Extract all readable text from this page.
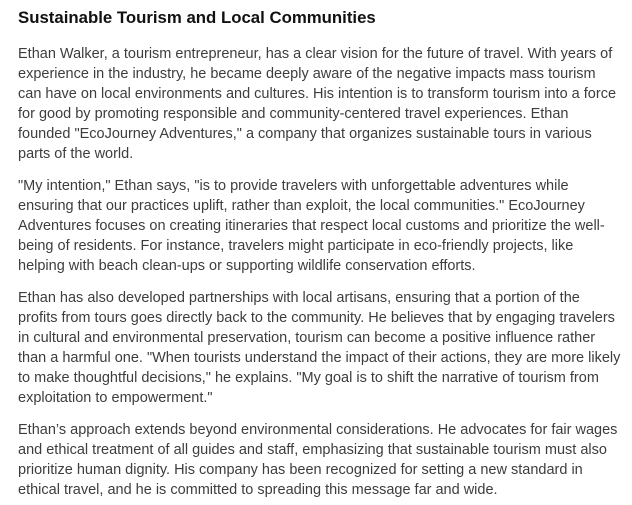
Sustainable Tourism and Local Communities

Ethan Walker, a tourism entrepreneur, has a clear vision for the future of travel. With years of experience in the industry, he became deeply aware of the negative impacts mass tourism can have on local environments and cultures. His intention is to transform tourism into a force for good by promoting responsible and community-centered travel experiences. Ethan founded "EcoJourney Adventures," a company that organizes sustainable tours in various parts of the world.

"My intention," Ethan says, "is to provide travelers with unforgettable adventures while ensuring that our practices uplift, rather than exploit, the local communities." EcoJourney Adventures focuses on creating itineraries that respect local customs and prioritize the well-being of residents. For instance, travelers might participate in eco-friendly projects, like helping with beach clean-ups or supporting wildlife conservation efforts.

Ethan has also developed partnerships with local artisans, ensuring that a portion of the profits from tours goes directly back to the community. He believes that by engaging travelers in cultural and environmental preservation, tourism can become a positive influence rather than a harmful one. "When tourists understand the impact of their actions, they are more likely to make thoughtful decisions," he explains. "My goal is to shift the narrative of tourism from exploitation to empowerment."

Ethan’s approach extends beyond environmental considerations. He advocates for fair wages and ethical treatment of all guides and staff, emphasizing that sustainable tourism must also prioritize human dignity. His company has been recognized for setting a new standard in ethical travel, and he is committed to spreading this message far and wide.
